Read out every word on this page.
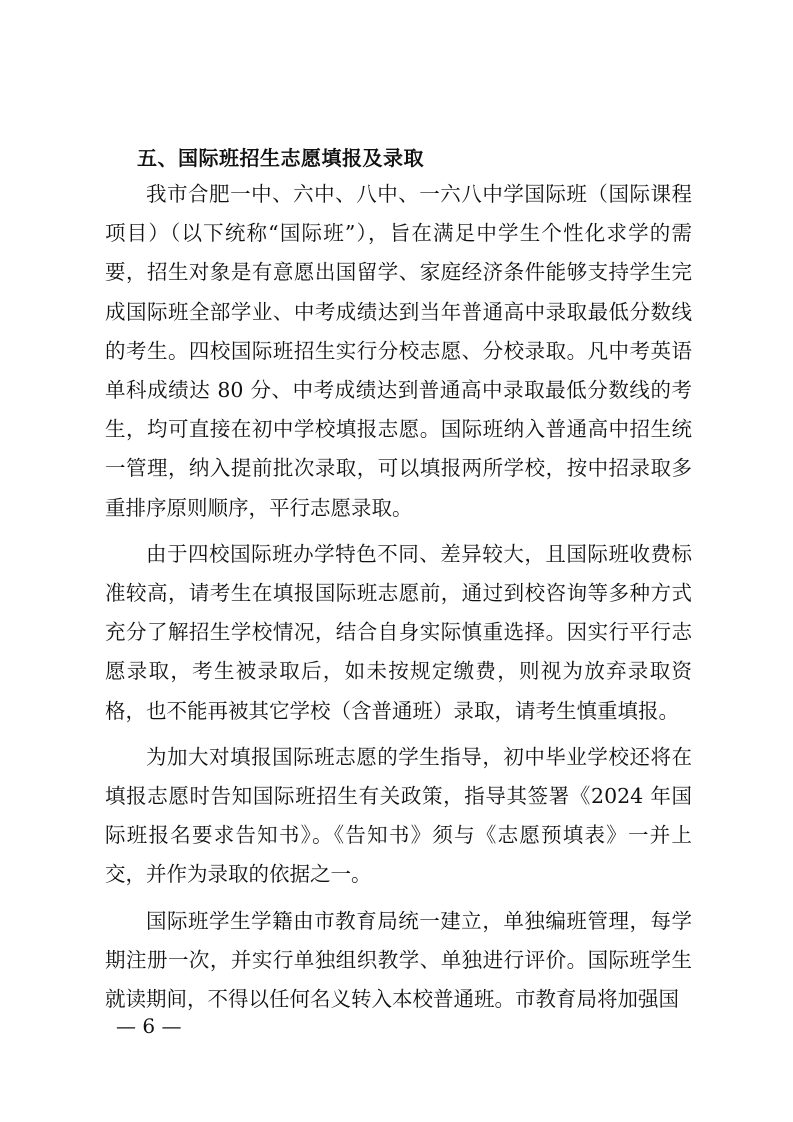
五、国际班招生志愿填报及录取

我市合肥一中、六中、八中、一六八中学国际班（国际课程项目）（以下统称“国际班”），旨在满足中学生个性化求学的需要，招生对象是有意愿出国留学、家庭经济条件能够支持学生完成国际班全部学业、中考成绩达到当年普通高中录取最低分数线的考生。四校国际班招生实行分校志愿、分校录取。凡中考英语单科成绩达 80 分、中考成绩达到普通高中录取最低分数线的考生，均可直接在初中学校填报志愿。国际班纳入普通高中招生统一管理，纳入提前批次录取，可以填报两所学校，按中招录取多重排序原则顺序，平行志愿录取。

由于四校国际班办学特色不同、差异较大，且国际班收费标准较高，请考生在填报国际班志愿前，通过到校咨询等多种方式充分了解招生学校情况，结合自身实际慎重选择。因实行平行志愿录取，考生被录取后，如未按规定缴费，则视为放弃录取资格，也不能再被其它学校（含普通班）录取，请考生慎重填报。

为加大对填报国际班志愿的学生指导，初中毕业学校还将在填报志愿时告知国际班招生有关政策，指导其签署《2024 年国际班报名要求告知书》。《告知书》须与《志愿预填表》一并上交，并作为录取的依据之一。

国际班学生学籍由市教育局统一建立，单独编班管理，每学期注册一次，并实行单独组织教学、单独进行评价。国际班学生就读期间，不得以任何名义转入本校普通班。市教育局将加强国

— 6 —
